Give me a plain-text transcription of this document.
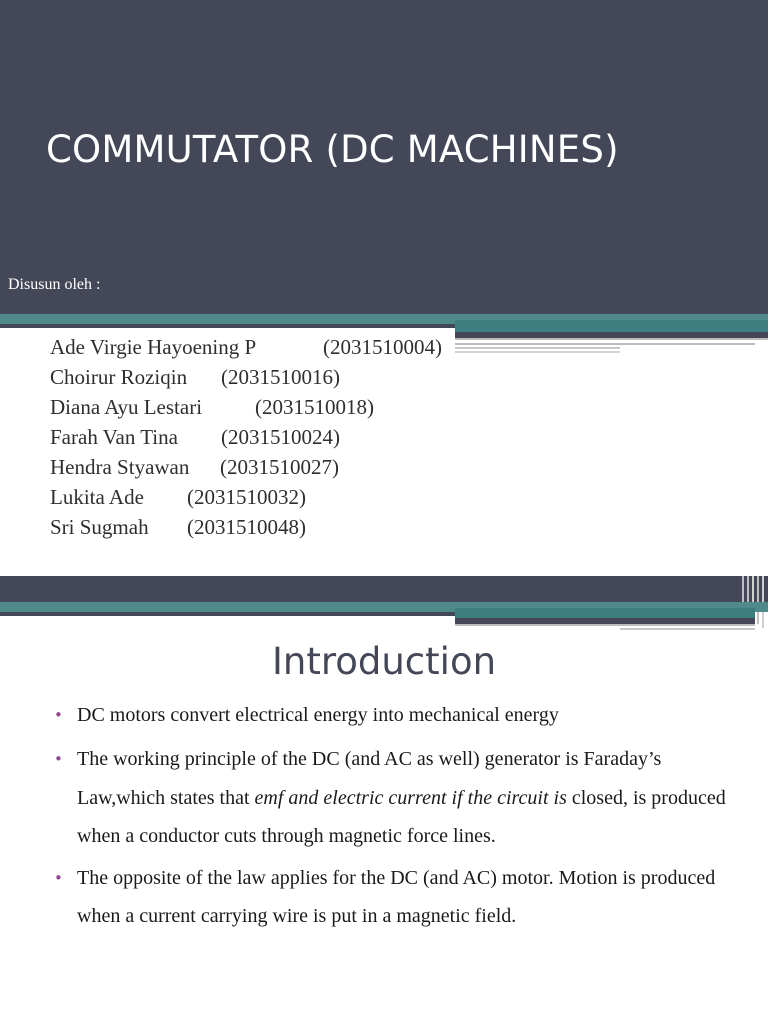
COMMUTATOR (DC MACHINES)
Disusun oleh :
Ade Virgie Hayoening P	(2031510004)
Choirur Roziqin	(2031510016)
Diana Ayu Lestari	(2031510018)
Farah Van Tina	(2031510024)
Hendra Styawan	(2031510027)
Lukita Ade	(2031510032)
Sri Sugmah	(2031510048)
Introduction
• DC motors convert electrical energy into mechanical energy
• The working principle of the DC (and AC as well) generator is Faraday’s Law,which states that emf and electric current if the circuit is closed, is produced when a conductor cuts through magnetic force lines.
• The opposite of the law applies for the DC (and AC) motor. Motion is produced when a current carrying wire is put in a magnetic field.
